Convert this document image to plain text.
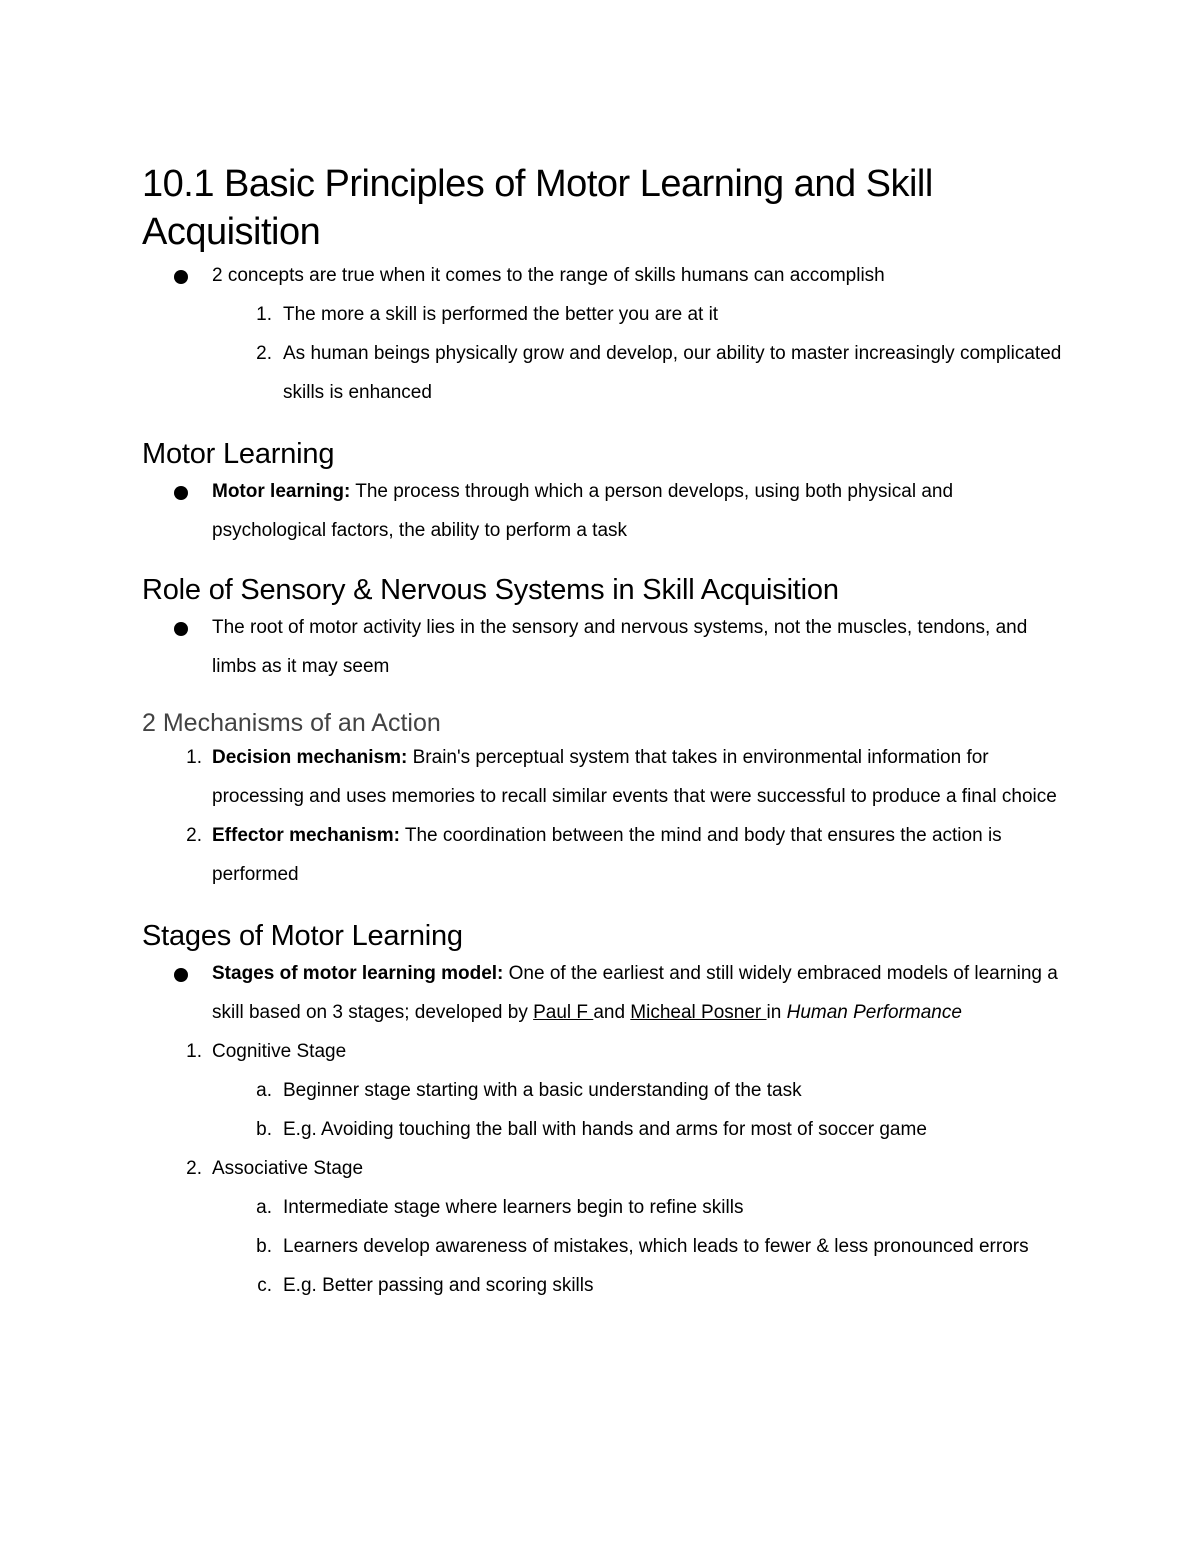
10.1 Basic Principles of Motor Learning and Skill Acquisition
2 concepts are true when it comes to the range of skills humans can accomplish
1. The more a skill is performed the better you are at it
2. As human beings physically grow and develop, our ability to master increasingly complicated skills is enhanced
Motor Learning
Motor learning: The process through which a person develops, using both physical and psychological factors, the ability to perform a task
Role of Sensory & Nervous Systems in Skill Acquisition
The root of motor activity lies in the sensory and nervous systems, not the muscles, tendons, and limbs as it may seem
2 Mechanisms of an Action
1. Decision mechanism: Brain's perceptual system that takes in environmental information for processing and uses memories to recall similar events that were successful to produce a final choice
2. Effector mechanism: The coordination between the mind and body that ensures the action is performed
Stages of Motor Learning
Stages of motor learning model: One of the earliest and still widely embraced models of learning a skill based on 3 stages; developed by Paul F and Micheal Posner in Human Performance
1. Cognitive Stage
a. Beginner stage starting with a basic understanding of the task
b. E.g. Avoiding touching the ball with hands and arms for most of soccer game
2. Associative Stage
a. Intermediate stage where learners begin to refine skills
b. Learners develop awareness of mistakes, which leads to fewer & less pronounced errors
c. E.g. Better passing and scoring skills
